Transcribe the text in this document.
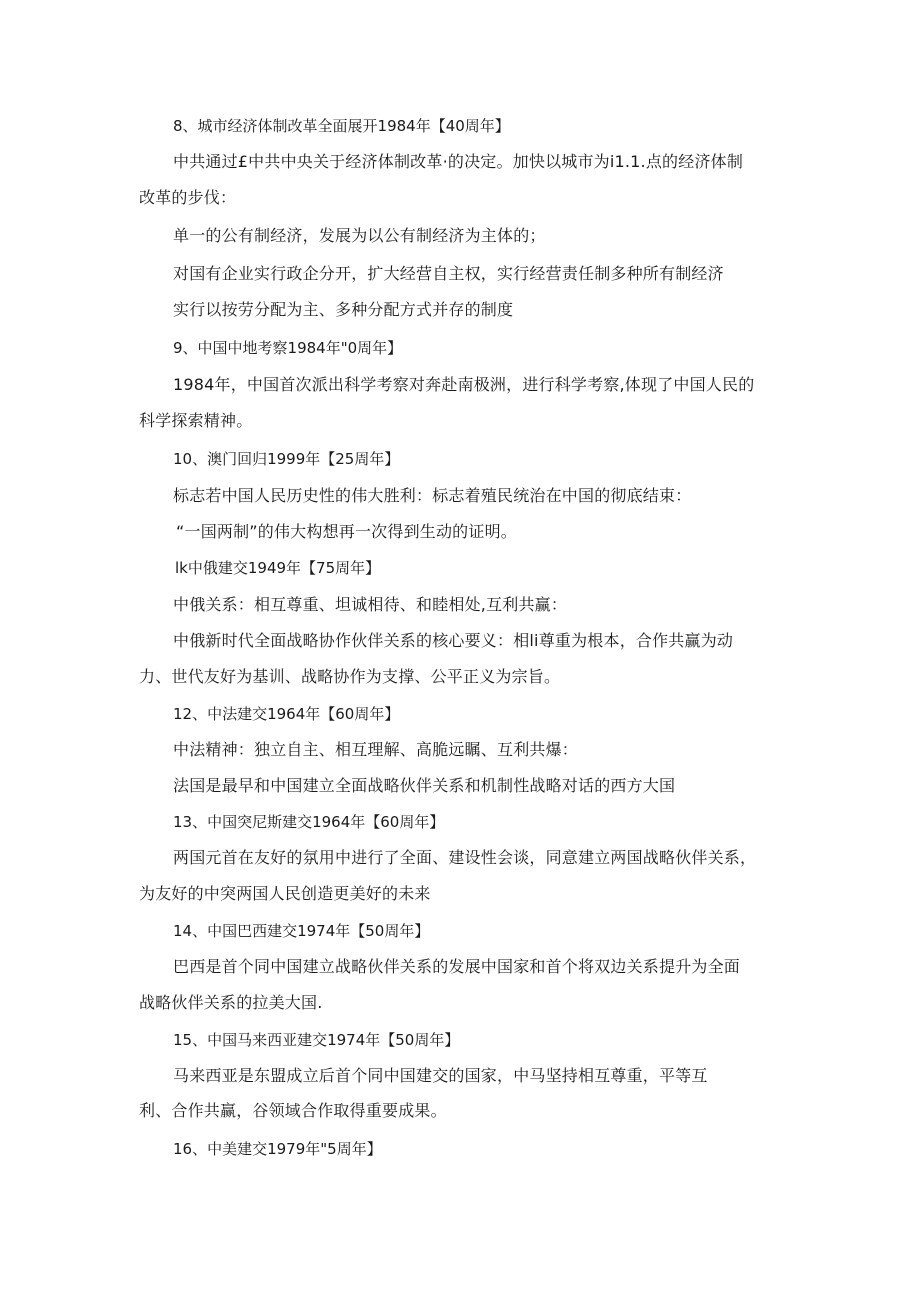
8、城市经济体制改革全面展开1984年【40周年】
中共通过£中共中央关于经济体制改革·的决定。加快以城市为i1.1.点的经济体制
改革的步伐：
单一的公有制经济，发展为以公有制经济为主体的；
对国有企业实行政企分开，扩大经营自主权，实行经营责任制多种所有制经济
实行以按劳分配为主、多种分配方式并存的制度
9、中国中地考察1984年"0周年】
1984年，中国首次派出科学考察对奔赴南极洲，进行科学考察,体现了中国人民的
科学探索精神。
10、澳门回归1999年【25周年】
标志若中国人民历史性的伟大胜利：标志着殖民统治在中国的彻底结束：
“一国两制”的伟大构想再一次得到生动的证明。
lk中俄建交1949年【75周年】
中俄关系：相互尊重、坦诚相待、和睦相处,互利共赢：
中俄新时代全面战略协作伙伴关系的核心要义：相li尊重为根本，合作共赢为动
力、世代友好为基训、战略协作为支撑、公平正义为宗旨。
12、中法建交1964年【60周年】
中法精神：独立自主、相互理解、高脆远瞩、互利共爆：
法国是最早和中国建立全面战略伙伴关系和机制性战略对话的西方大国
13、中国突尼斯建交1964年【60周年】
两国元首在友好的氛用中进行了全面、建设性会谈，同意建立两国战略伙伴关系，
为友好的中突两国人民创造更美好的未来
14、中国巴西建交1974年【50周年】
巴西是首个同中国建立战略伙伴关系的发展中国家和首个将双边关系提升为全面
战略伙伴关系的拉美大国.
15、中国马来西亚建交1974年【50周年】
马来西亚是东盟成立后首个同中国建交的国家，中马坚持相互尊重，平等互
利、合作共赢，谷领域合作取得重要成果。
16、中美建交1979年"5周年】
